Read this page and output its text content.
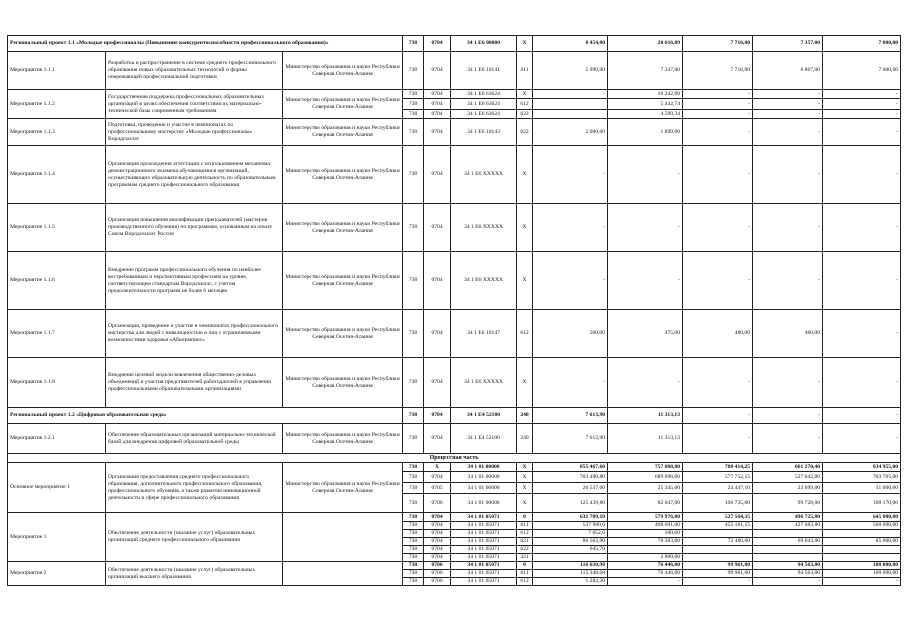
Региональный проект 1.1 «Молодые профессионалы (Повышение конкурентоспособности профессионального образования)»			738	0704	34 1 Е6 00000	Х	8 454,00	20 616,09	7 716,00	7 357,00	7 000,00
Мероприятие 1.1.1	Разработка и распространение в системе среднего профессионального образования новых образовательных технологий и формы опережающей профессиональной подготовки	Министерство образования и науки Республики Северная Осетия-Алания	738	0704	34 1 Е6 10141	611	5 990,00	7 347,00	7 716,00	6 867,00	7 000,00
Мероприятие 1.1.2	Государственная поддержка профессиональных образовательных организаций в целях обеспечения соответствия их материально-технической базы современным требованиям	Министерство образования и науки Республики Северная Осетия-Алания	738	0704	34 1 Е6 63624	Х	-	10 242,09	-	-	-
			738	0704	34 1 Е6 63624	612		5 442,74	-	-	-
			738	0704	34 1 Е6 63624	622		4 599,34	-	-	-
Мероприятие 1.1.3	Подготовка, проведение и участие в чемпионатах по профессиональному мастерству «Молодые профессионалы» Ворлдскиллс	Министерство образования и науки Республики Северная Осетия-Алания	738	0704	34 1 Е6 10143	622	2 000,00	1 899,00	-	-	-
Мероприятие 1.1.4	Организация прохождения аттестации с использованием механизма демонстрационного экзамена обучающимися организаций, осуществляющих образовательную деятельность по образовательным программам среднего профессионального образования	Министерство образования и науки Республики Северная Осетия-Алания	738	0704	34 1 Е6 XXXXX	Х	-	-	-	-	-
Мероприятие 1.1.5	Организация повышения квалификации преподавателей (мастеров производственного обучения) по программам, основанным на опыте Союза Ворлдскиллс Россия	Министерство образования и науки Республики Северная Осетия-Алания	738	0704	34 1 Е6 XXXXX	Х	-	-	-	-	-
Мероприятие 1.1.6	Внедрение программ профессионального обучения по наиболее востребованным и перспективным профессиям на уровне, соответствующем стандартам Ворлдскиллс, с учетом продолжительности программ не более 6 месяцев	Министерство образования и науки Республики Северная Осетия-Алания	738	0704	34 1 Е6 XXXXX	Х	-	-	-	-	-
Мероприятие 1.1.7	Организация, проведение и участие в чемпионатах профессионального мастерства для людей с инвалидностью и лиц с ограниченными возможностями здоровья «Абилимпикс»	Министерство образования и науки Республики Северная Осетия-Алания	738	0704	34 1 Е6 10147	612	500,00	475,00	480,00	460,00	-
Мероприятие 1.1.8	Внедрение целевой модели вовлечения общественно-деловых объединений и участия представителей работодателей в управлении профессиональными образовательными организациями	Министерство образования и науки Республики Северная Осетия-Алания	738	0704	34 1 Е6 XXXXX	Х	-	-	-	-	-
Региональный проект 1.2 «Цифровая образовательная среда»			738	0704	34 1 Е4 52100	240	7 613,90	11 313,13	-	-	-
Мероприятие 1.2.1	Обеспечение образовательных организаций материально-технической базой для внедрения цифровой образовательной среды	Министерство образования и науки Республики Северная Осетия-Алания	738	0704	34 1 Е4 52100	240	7 613,90	11 313,13	-	-	-
Процессная часть											
Основное мероприятие 1	Организация предоставления среднего профессионального образования, дополнительного профессионального образования, профессионального обучения, а также развития инновационной деятельности в сфере профессионального образования	Министерство образования и науки Республики Северная Осетия-Алания	738	Х	34 1 01 00000	Х	855 467,60	757 088,00	708 414,25	661 270,40	834 955,00
			738	0704	34 1 01 00000	Х	703 490,80	689 696,00	577 752,15	527 642,00	703 705,00
			738	0705	34 1 01 00000	Х	26 537,00	25 345,00	24 447,10	23 699,00	31 000,00
			738	0706	34 1 01 00000	Х	125 439,80	82 047,00	106 735,00	99 728,00	100 170,00
Мероприятие 1	Обеспечение деятельности (оказание услуг) образовательных организаций среднего профессионального образования		738	0704	34 1 01 05071	0	631 789,10	579 976,00	527 564,35	496 725,80	645 000,00
			738	0704	34 1 01 05071	611	537 980,6	498 691,00	455 161,15	427 683,80	560 000,00
			738	0704	34 1 01 05071	612	7 052,0	100,00			
			738	0704	34 1 01 05071	621	86 563,90	78 383,00	72 480,00	69 043,00	85 000,00
			738	0704	34 1 01 05071	622	645,70				
			738	0704	34 1 01 05071	321		2 800,00			
Мероприятие 2	Обеспечение деятельности (оказание услуг) образовательных организаций высшего образования		738	0706	34 1 01 05071	0	116 630,98	76 446,00	99 961,00	94 563,00	100 000,00
			738	0706	34 1 01 05071	611	115 348,68	76 446,00	99 961,00	94 563,00	100 000,00
			738	0706	34 1 01 05071	612	1 282,30	-	-	-	-
